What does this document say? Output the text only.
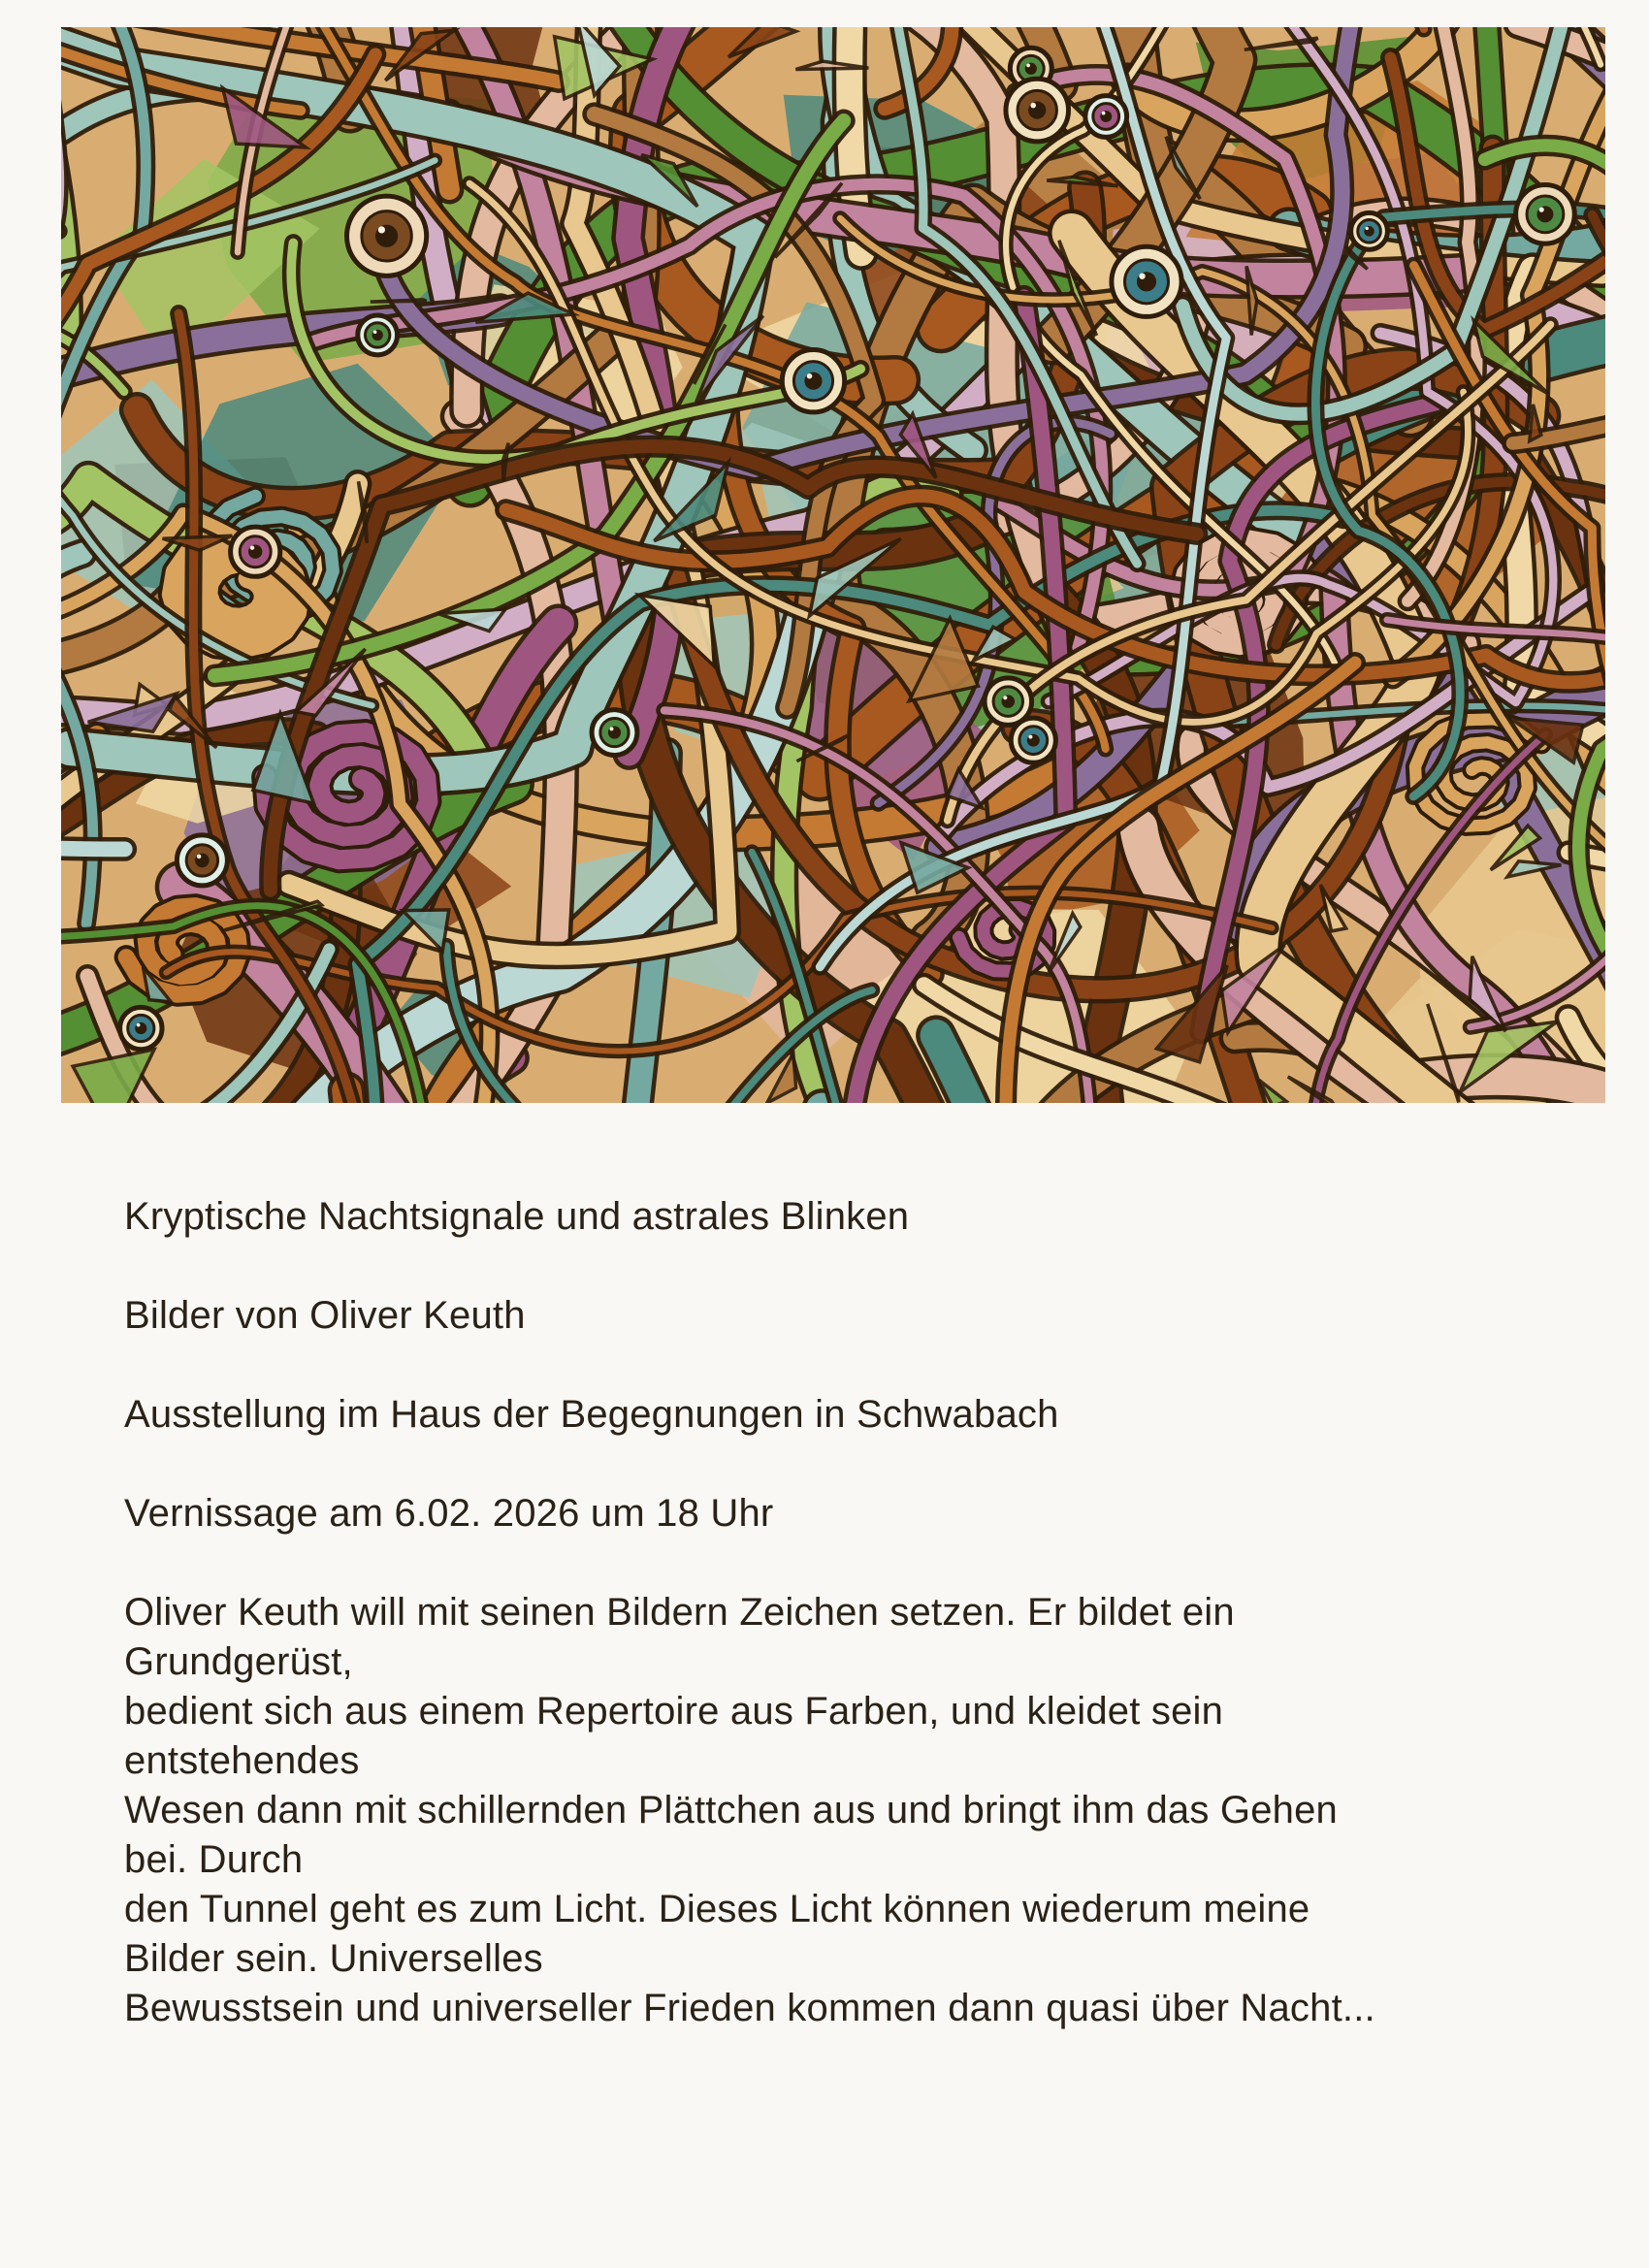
Kryptische Nachtsignale und astrales Blinken

Bilder von Oliver Keuth

Ausstellung im Haus der Begegnungen in Schwabach

Vernissage am 6.02. 2026 um 18 Uhr

Oliver Keuth will mit seinen Bildern Zeichen setzen. Er bildet ein
Grundgerüst,
bedient sich aus einem Repertoire aus Farben, und kleidet sein
entstehendes
Wesen dann mit schillernden Plättchen aus und bringt ihm das Gehen
bei. Durch
den Tunnel geht es zum Licht. Dieses Licht können wiederum meine
Bilder sein. Universelles
Bewusstsein und universeller Frieden kommen dann quasi über Nacht...
